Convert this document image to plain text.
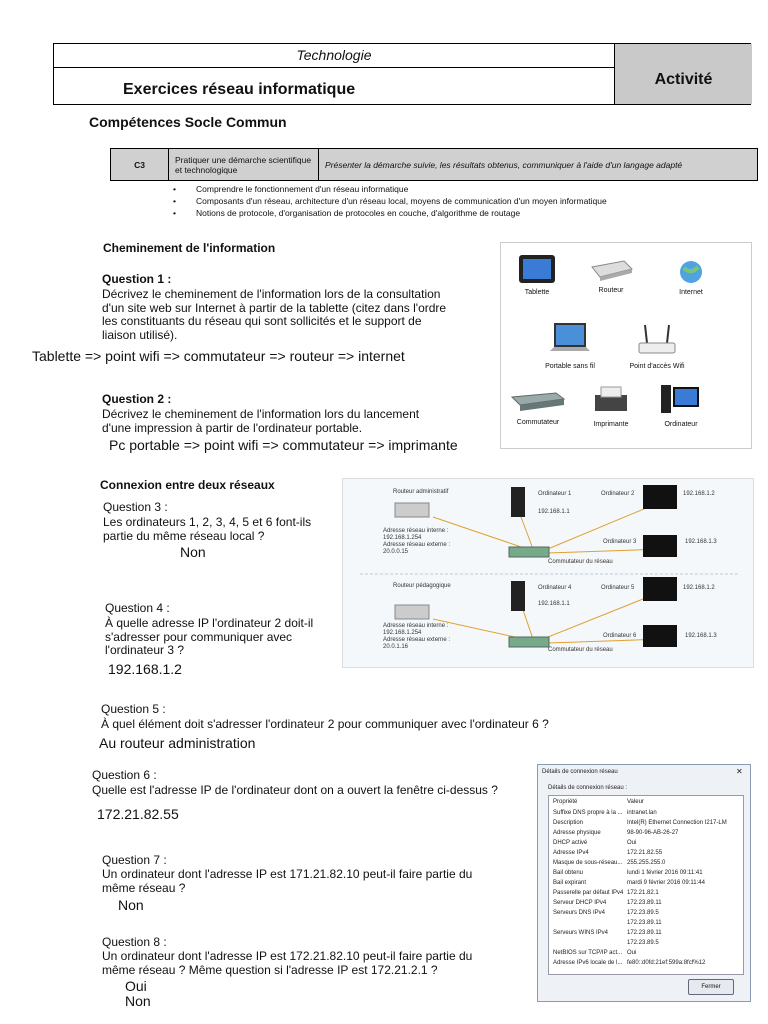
Technologie
Exercices réseau informatique
Activité
Compétences Socle Commun
C3	Pratiquer une démarche scientifique et technologique	Présenter la démarche suivie, les résultats obtenus, communiquer à l'aide d'un langage adapté
• Comprendre le fonctionnement d'un réseau informatique
• Composants d'un réseau, architecture d'un réseau local, moyens de communication d'un moyen informatique
• Notions de protocole, d'organisation de protocoles en couche, d'algorithme de routage
Cheminement de l'information
Question 1 :
Décrivez le cheminement de l'information lors de la consultation
d'un site web sur Internet à partir de la tablette (citez dans l'ordre
les constituants du réseau qui sont sollicités et le support de
liaison utilisé).
Tablette => point wifi => commutateur => routeur => internet
Question 2 :
Décrivez le cheminement de l'information lors du lancement
d'une impression à partir de l'ordinateur portable.
Pc portable => point wifi => commutateur => imprimante
Tablette	Routeur	Internet
Portable sans fil	Point d'accès Wifi
Commutateur	Imprimante	Ordinateur
Connexion entre deux réseaux
Question 3 :
Les ordinateurs 1, 2, 3, 4, 5 et 6 font-ils
partie du même réseau local ?
Non
Question 4 :
À quelle adresse IP l'ordinateur 2 doit-il
s'adresser pour communiquer avec
l'ordinateur 3 ?
192.168.1.2
Routeur administratif
Adresse réseau interne :
192.168.1.254
Adresse réseau externe :
20.0.0.15
Routeur pédagogique
Adresse réseau interne :
192.168.1.254
Adresse réseau externe :
20.0.1.16
Commutateur du réseau
Commutateur du réseau
Ordinateur 1
192.168.1.1
Ordinateur 2	192.168.1.2
Ordinateur 3	192.168.1.3
Ordinateur 4
192.168.1.1
Ordinateur 5	192.168.1.2
Ordinateur 6	192.168.1.3
Question 5 :
À quel élément doit s'adresser l'ordinateur 2 pour communiquer avec l'ordinateur 6 ?
Au routeur administration
Question 6 :
Quelle est l'adresse IP de l'ordinateur dont on a ouvert la fenêtre ci-dessus ?
172.21.82.55
Question 7 :
Un ordinateur dont l'adresse IP est 171.21.82.10 peut-il faire partie du
même réseau ?
Non
Question 8 :
Un ordinateur dont l'adresse IP est 172.21.82.10 peut-il faire partie du
même réseau ? Même question si l'adresse IP est 172.21.2.1 ?
Oui
Non
Détails de connexion réseau	✕
Détails de connexion réseau :
Propriété	Valeur
Suffixe DNS propre à la ... intranet.lan
Description	Intel(R) Ethernet Connection I217-LM
Adresse physique	98-90-96-AB-26-27
DHCP activé	Oui
Adresse IPv4	172.21.82.55
Masque de sous-réseau... 255.255.255.0
Bail obtenu	lundi 1 février 2016 09:11:41
Bail expirant	mardi 9 février 2016 09:11:44
Passerelle par défaut IPv4 172.21.82.1
Serveur DHCP IPv4	172.23.89.11
Serveurs DNS IPv4	172.23.89.5
172.23.89.11
Serveurs WINS IPv4	172.23.89.11
172.23.89.5
NetBIOS sur TCP/IP act... Oui
Adresse IPv6 locale de l... fe80::d0fd:21ef:599a:8fcf%12
Fermer
